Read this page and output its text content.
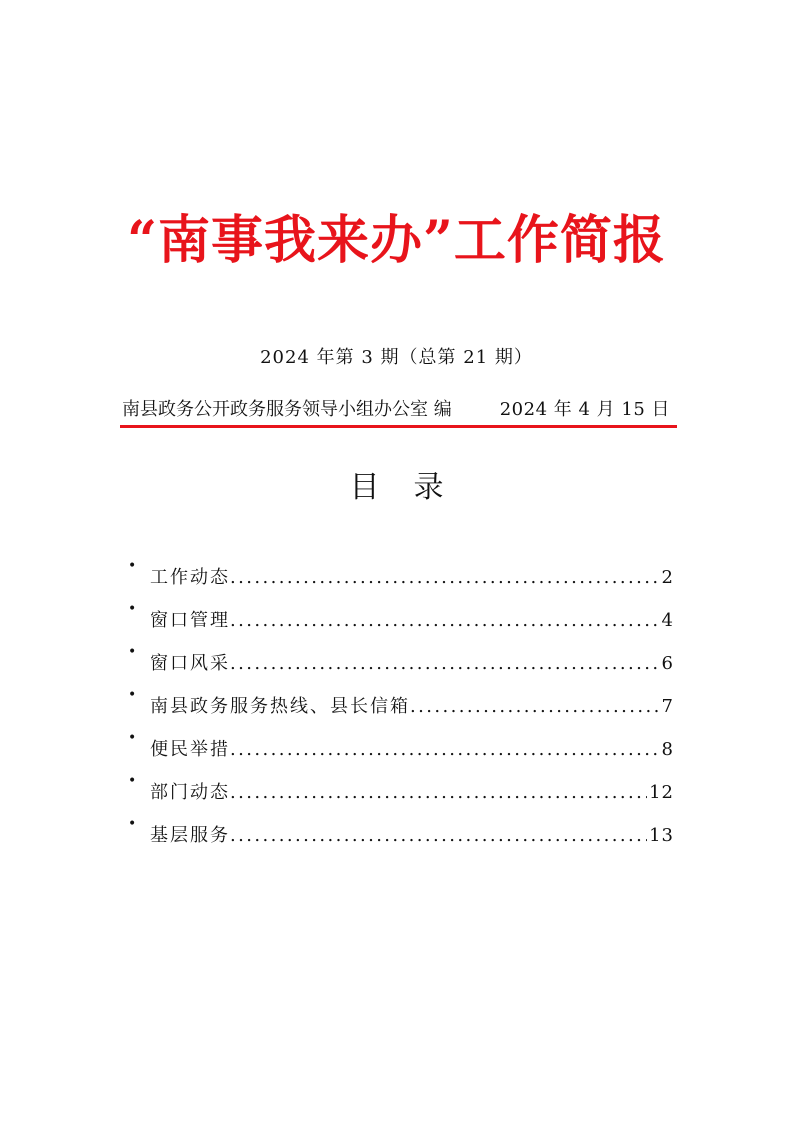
“南事我来办”工作简报
2024 年第 3 期（总第 21 期）
南县政务公开政务服务领导小组办公室 编	2024 年 4 月 15 日
目 录
•
工作动态 .....	2
•
窗口管理 .....	4
•
窗口风采 .....	6
•
南县政务服务热线、县长信箱 .....	7
•
便民举措 .....	8
•
部门动态 .....	12
•
基层服务 .....	13
